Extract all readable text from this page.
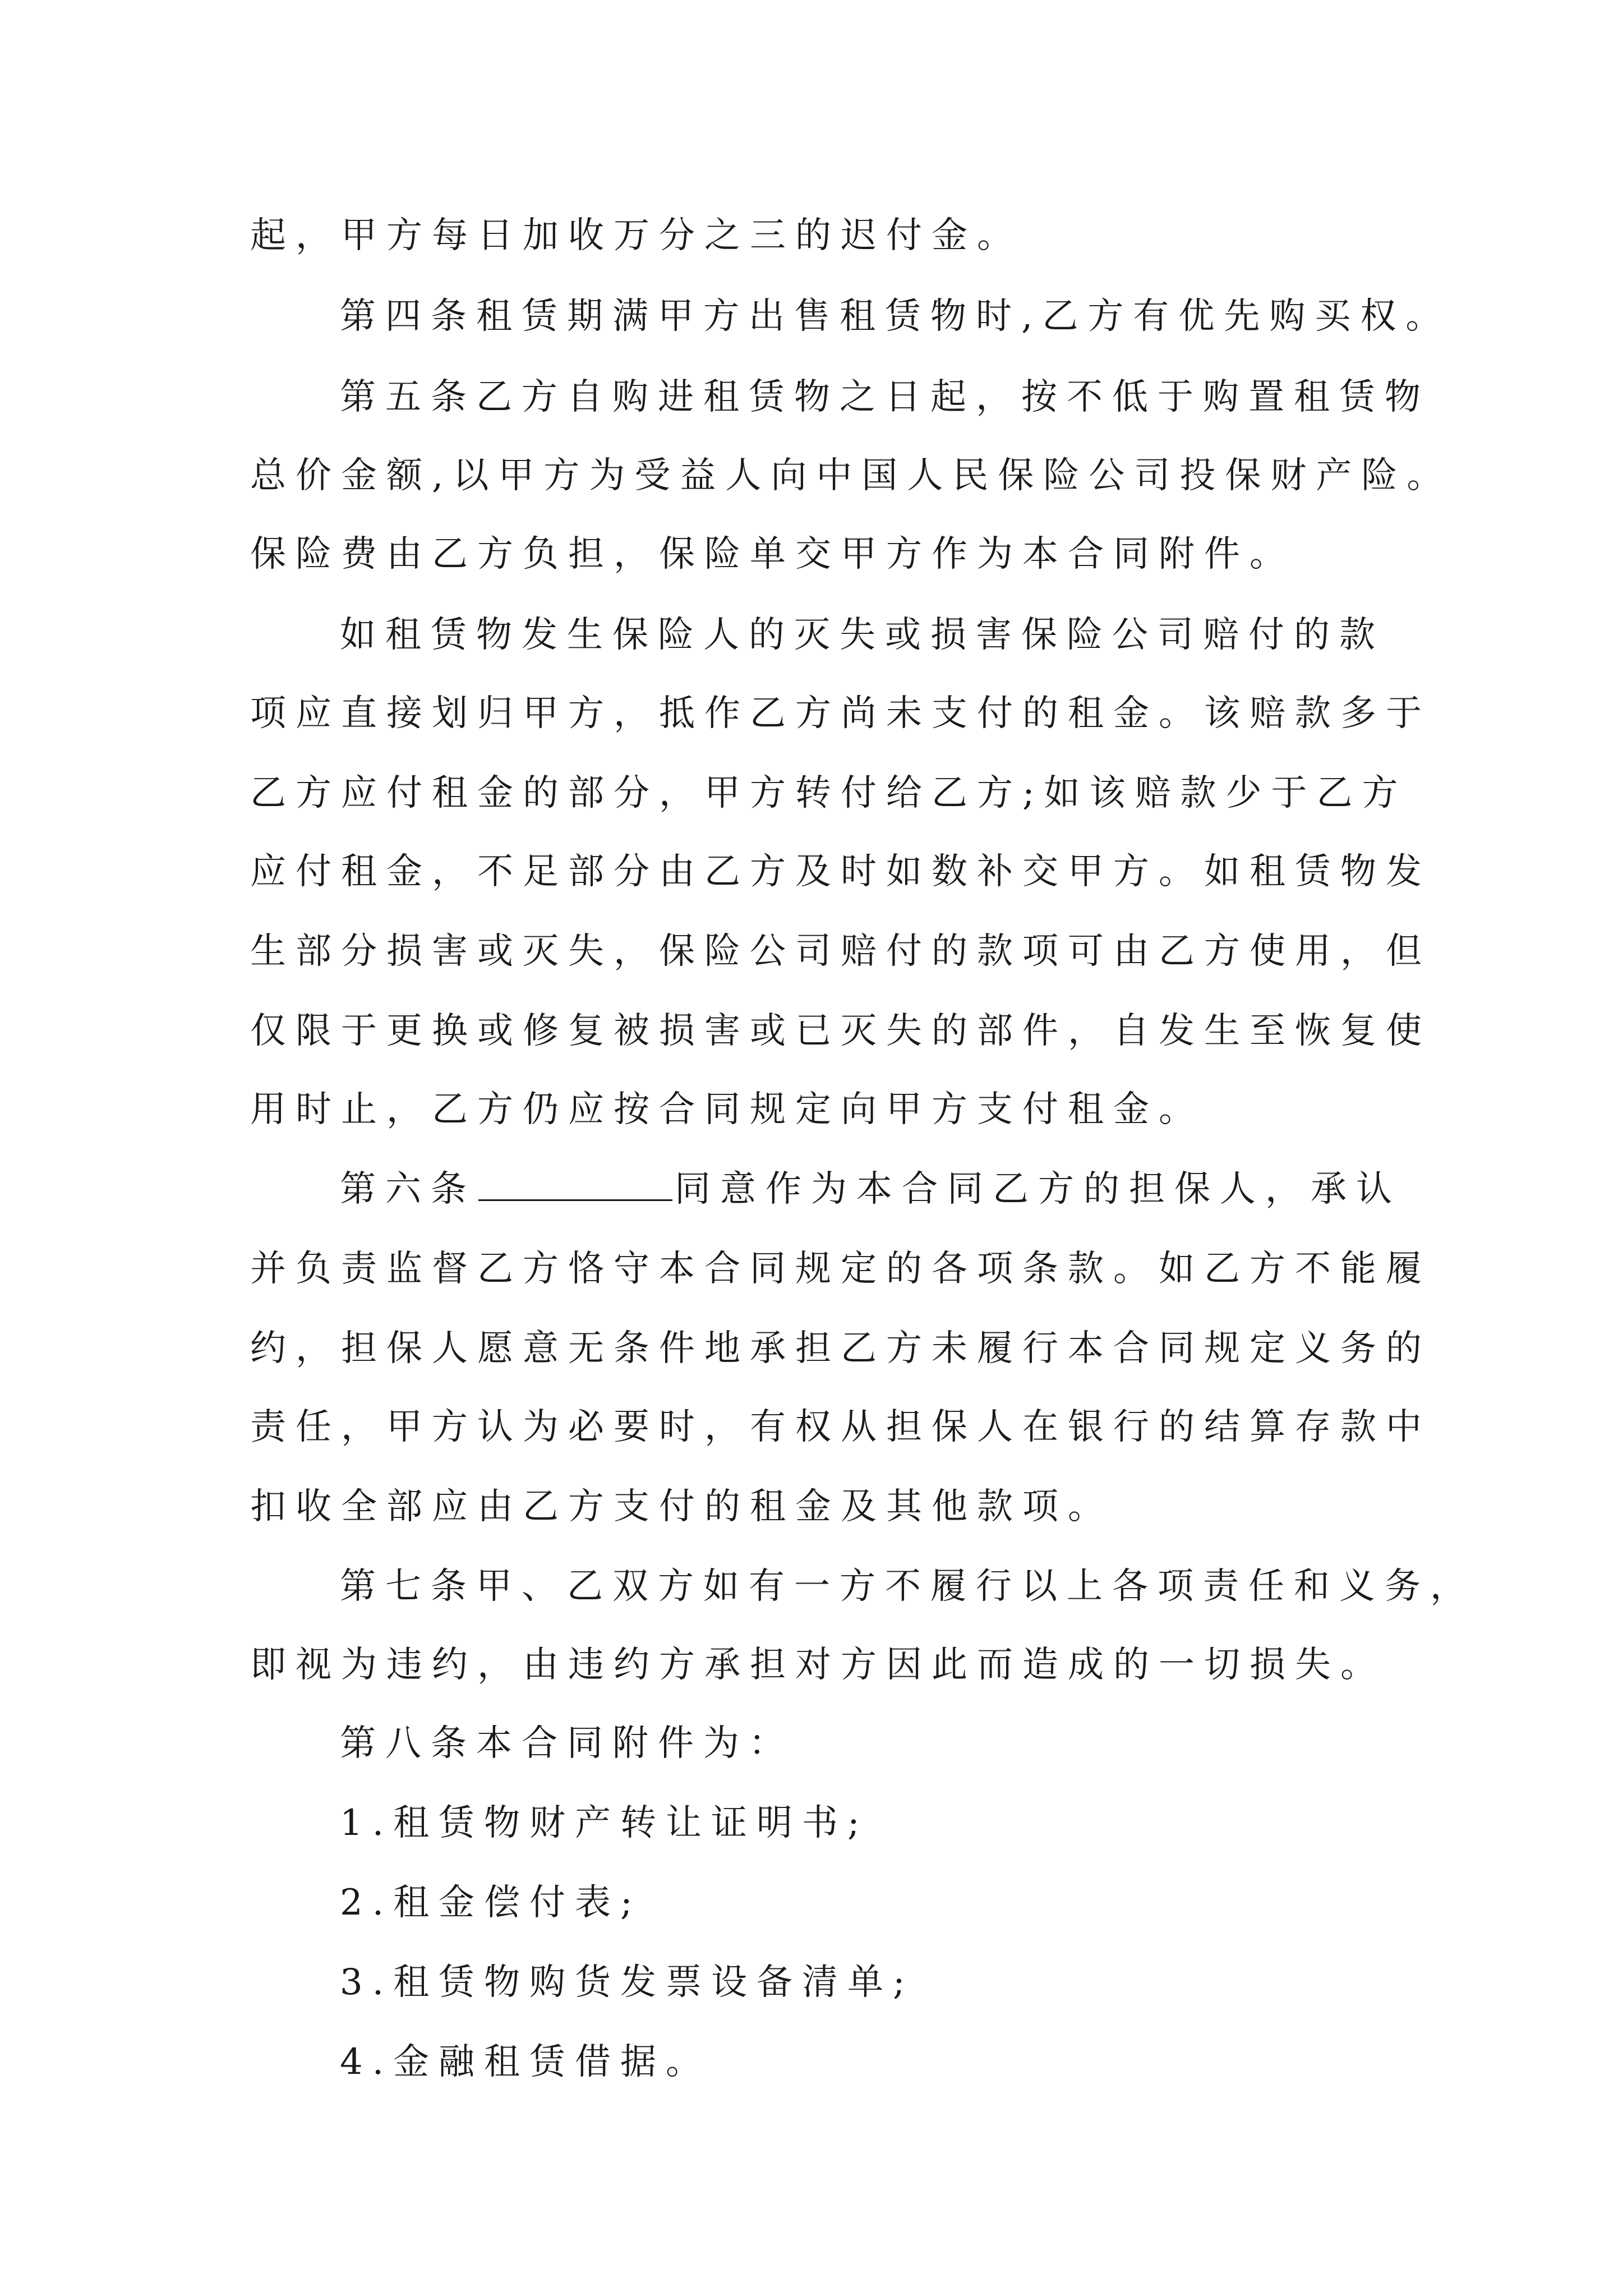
起，甲方每日加收万分之三的迟付金。

第四条租赁期满甲方出售租赁物时,乙方有优先购买权。

第五条乙方自购进租赁物之日起，按不低于购置租赁物

总价金额,以甲方为受益人向中国人民保险公司投保财产险。

保险费由乙方负担，保险单交甲方作为本合同附件。

如租赁物发生保险人的灭失或损害保险公司赔付的款

项应直接划归甲方，抵作乙方尚未支付的租金。该赔款多于

乙方应付租金的部分，甲方转付给乙方;如该赔款少于乙方

应付租金，不足部分由乙方及时如数补交甲方。如租赁物发

生部分损害或灭失，保险公司赔付的款项可由乙方使用，但

仅限于更换或修复被损害或已灭失的部件，自发生至恢复使

用时止，乙方仍应按合同规定向甲方支付租金。

第六条	同意作为本合同乙方的担保人，承认

并负责监督乙方恪守本合同规定的各项条款。如乙方不能履

约，担保人愿意无条件地承担乙方未履行本合同规定义务的

责任，甲方认为必要时，有权从担保人在银行的结算存款中

扣收全部应由乙方支付的租金及其他款项。

第七条甲、乙双方如有一方不履行以上各项责任和义务，

即视为违约，由违约方承担对方因此而造成的一切损失。

第八条本合同附件为：

1.租赁物财产转让证明书;

2.租金偿付表;

3.租赁物购货发票设备清单;

4.金融租赁借据。
